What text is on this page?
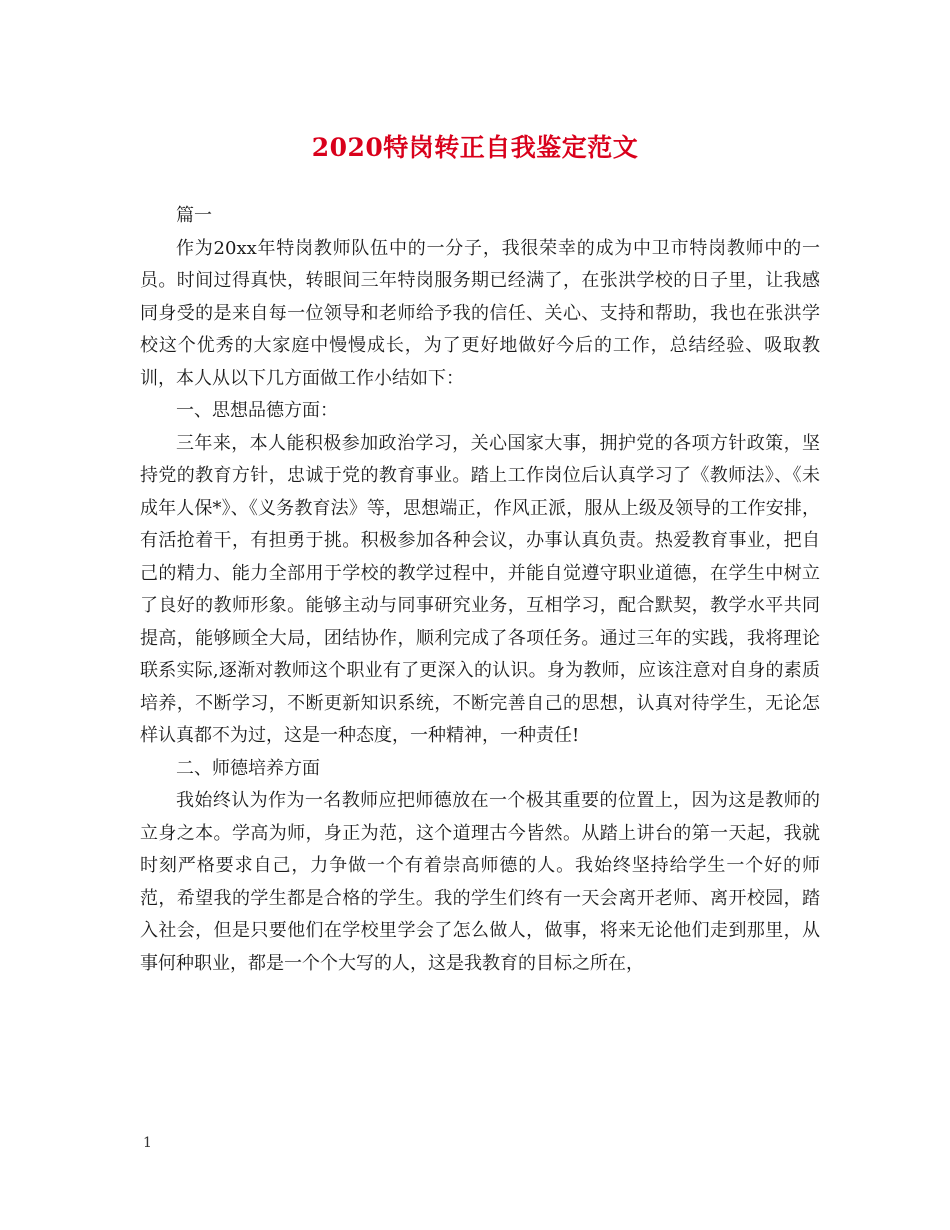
2020特岗转正自我鉴定范文

篇一

作为20xx年特岗教师队伍中的一分子，我很荣幸的成为中卫市特岗教师中的一员。时间过得真快，转眼间三年特岗服务期已经满了，在张洪学校的日子里，让我感同身受的是来自每一位领导和老师给予我的信任、关心、支持和帮助，我也在张洪学校这个优秀的大家庭中慢慢成长，为了更好地做好今后的工作，总结经验、吸取教训，本人从以下几方面做工作小结如下：

一、思想品德方面：

三年来，本人能积极参加政治学习，关心国家大事，拥护党的各项方针政策，坚持党的教育方针，忠诚于党的教育事业。踏上工作岗位后认真学习了《教师法》、《未成年人保*》、《义务教育法》等，思想端正，作风正派，服从上级及领导的工作安排，有活抢着干，有担勇于挑。积极参加各种会议，办事认真负责。热爱教育事业，把自己的精力、能力全部用于学校的教学过程中，并能自觉遵守职业道德，在学生中树立了良好的教师形象。能够主动与同事研究业务，互相学习，配合默契，教学水平共同提高，能够顾全大局，团结协作，顺利完成了各项任务。通过三年的实践，我将理论联系实际,逐渐对教师这个职业有了更深入的认识。身为教师，应该注意对自身的素质培养，不断学习，不断更新知识系统，不断完善自己的思想，认真对待学生，无论怎样认真都不为过，这是一种态度，一种精神，一种责任!

二、师德培养方面

我始终认为作为一名教师应把师德放在一个极其重要的位置上，因为这是教师的立身之本。学高为师，身正为范，这个道理古今皆然。从踏上讲台的第一天起，我就时刻严格要求自己，力争做一个有着崇高师德的人。我始终坚持给学生一个好的师范，希望我的学生都是合格的学生。我的学生们终有一天会离开老师、离开校园，踏入社会，但是只要他们在学校里学会了怎么做人，做事，将来无论他们走到那里，从事何种职业，都是一个个大写的人，这是我教育的目标之所在，

1
